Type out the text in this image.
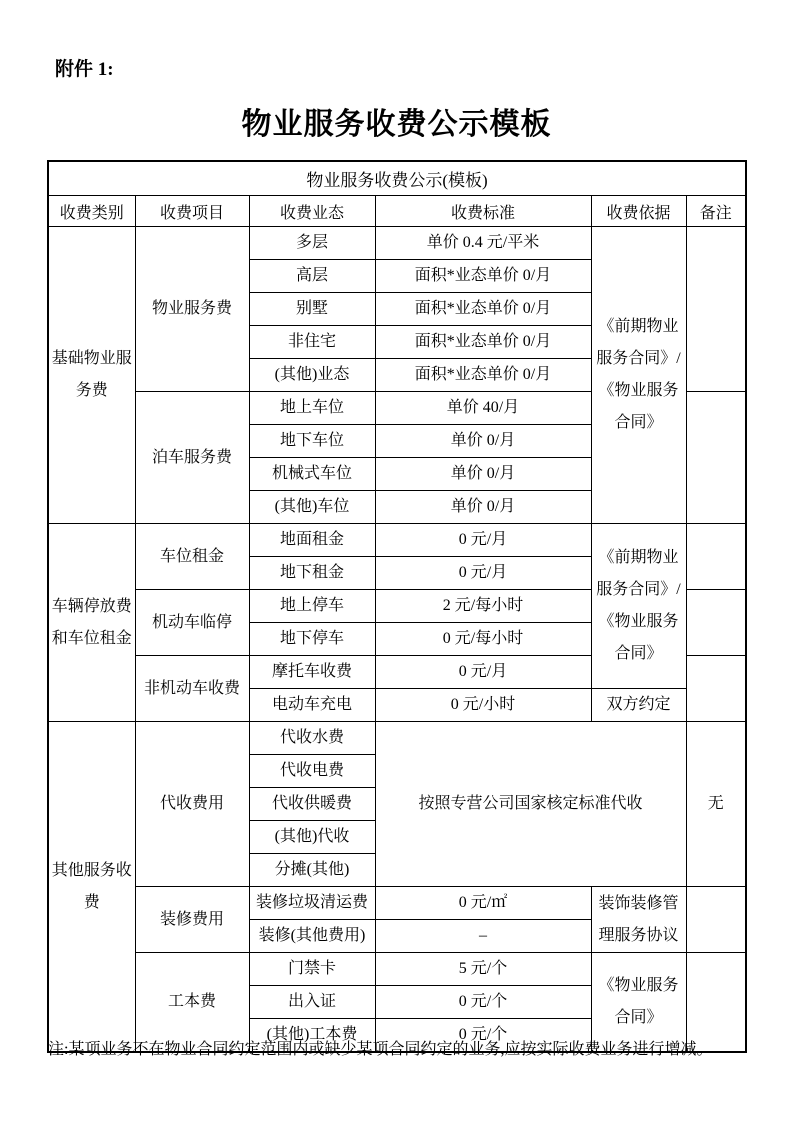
附件 1:
物业服务收费公示模板
物业服务收费公示(模板)					
收费类别	收费项目	收费业态	收费标准	收费依据	备注
基础物业服务费	物业服务费	多层	单价 0.4 元/平米	《前期物业服务合同》/《物业服务合同》	
		高层	面积*业态单价 0/月		
		别墅	面积*业态单价 0/月		
		非住宅	面积*业态单价 0/月		
		(其他)业态	面积*业态单价 0/月		
	泊车服务费	地上车位	单价 40/月		
		地下车位	单价 0/月		
		机械式车位	单价 0/月		
		(其他)车位	单价 0/月		
车辆停放费和车位租金	车位租金	地面租金	0 元/月	《前期物业服务合同》/《物业服务合同》	
		地下租金	0 元/月		
	机动车临停	地上停车	2 元/每小时		
		地下停车	0 元/每小时		
	非机动车收费	摩托车收费	0 元/月		
		电动车充电	0 元/小时	双方约定	
其他服务收费	代收费用	代收水费	按照专营公司国家核定标准代收		无
		代收电费			
		代收供暖费			
		(其他)代收			
		分摊(其他)			
	装修费用	装修垃圾清运费	0 元/㎡	装饰装修管理服务协议	
		装修(其他费用)	–		
	工本费	门禁卡	5 元/个	《物业服务合同》	
		出入证	0 元/个		
		(其他)工本费	0 元/个		
注:某项业务不在物业合同约定范围内或缺少某项合同约定的业务,应按实际收费业务进行增减。
